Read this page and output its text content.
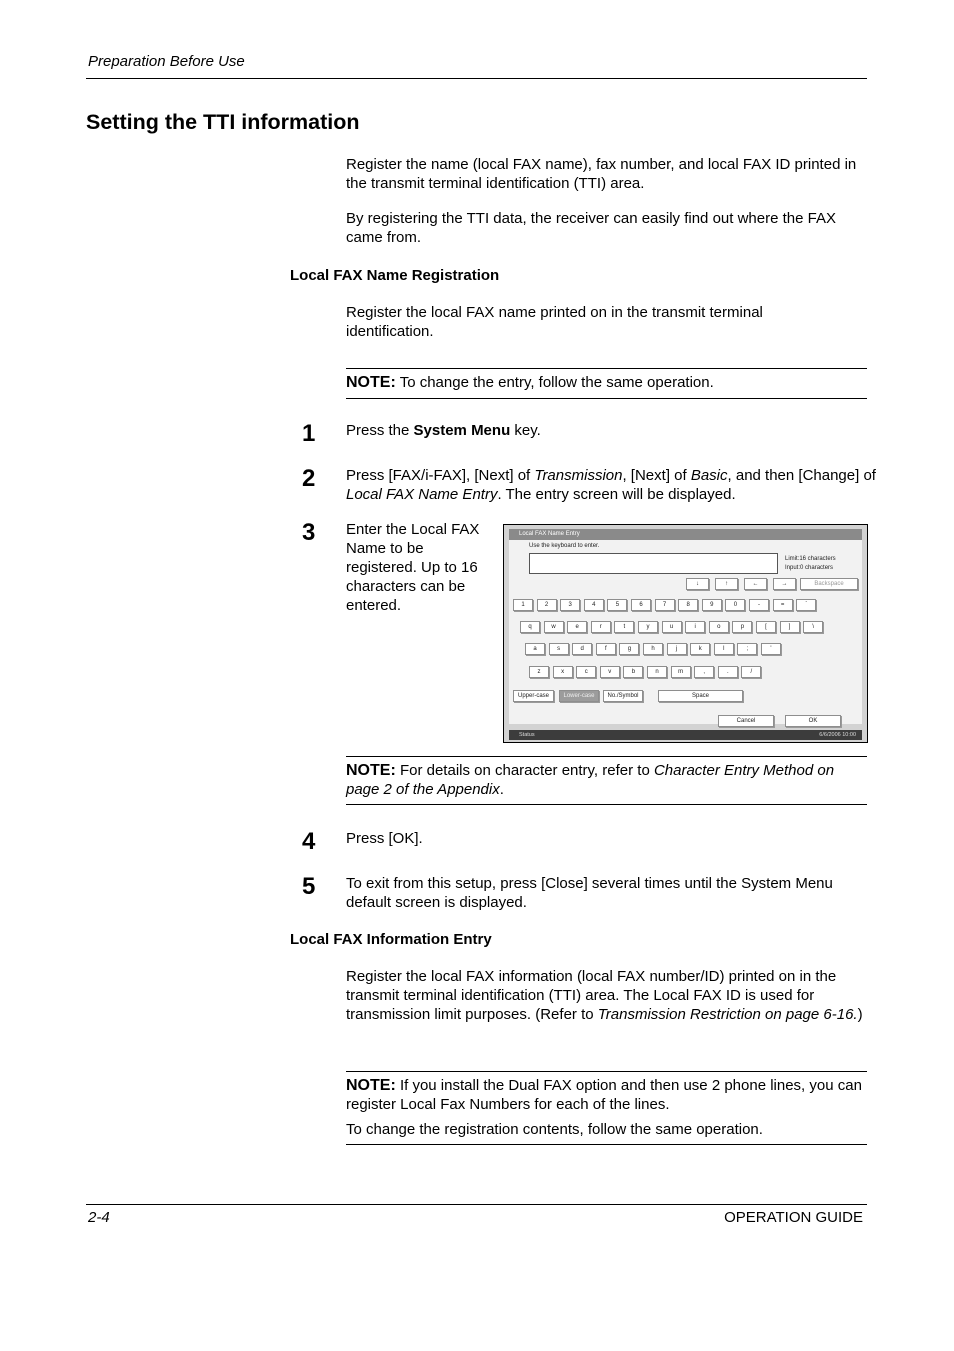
Preparation Before Use
Setting the TTI information
Register the name (local FAX name), fax number, and local FAX ID printed in the transmit terminal identification (TTI) area.
By registering the TTI data, the receiver can easily find out where the FAX came from.
Local FAX Name Registration
Register the local FAX name printed on in the transmit terminal identification.
NOTE: To change the entry, follow the same operation.
1 Press the System Menu key.
2 Press [FAX/i-FAX], [Next] of Transmission, [Next] of Basic, and then [Change] of Local FAX Name Entry. The entry screen will be displayed.
3 Enter the Local FAX Name to be registered. Up to 16 characters can be entered.
Local FAX Name Entry
Use the keyboard to enter.
Limit:16 characters
Input:0 characters
↓	↑	←	→	Backspace
1	2	3	4	5	6	7	8	9	0	-	=	`
q	w	e	r	t	y	u	i	o	p	[	]	\
a	s	d	f	g	h	j	k	l	;	'
z	x	c	v	b	n	m	,	.	/
Upper-case	Lower-case	No./Symbol	Space
Cancel	OK
Status	6/6/2006 10:00
NOTE: For details on character entry, refer to Character Entry Method on page 2 of the Appendix.
4 Press [OK].
5 To exit from this setup, press [Close] several times until the System Menu default screen is displayed.
Local FAX Information Entry
Register the local FAX information (local FAX number/ID) printed on in the transmit terminal identification (TTI) area. The Local FAX ID is used for transmission limit purposes. (Refer to Transmission Restriction on page 6-16.)
NOTE: If you install the Dual FAX option and then use 2 phone lines, you can register Local Fax Numbers for each of the lines.
To change the registration contents, follow the same operation.
2-4	OPERATION GUIDE
